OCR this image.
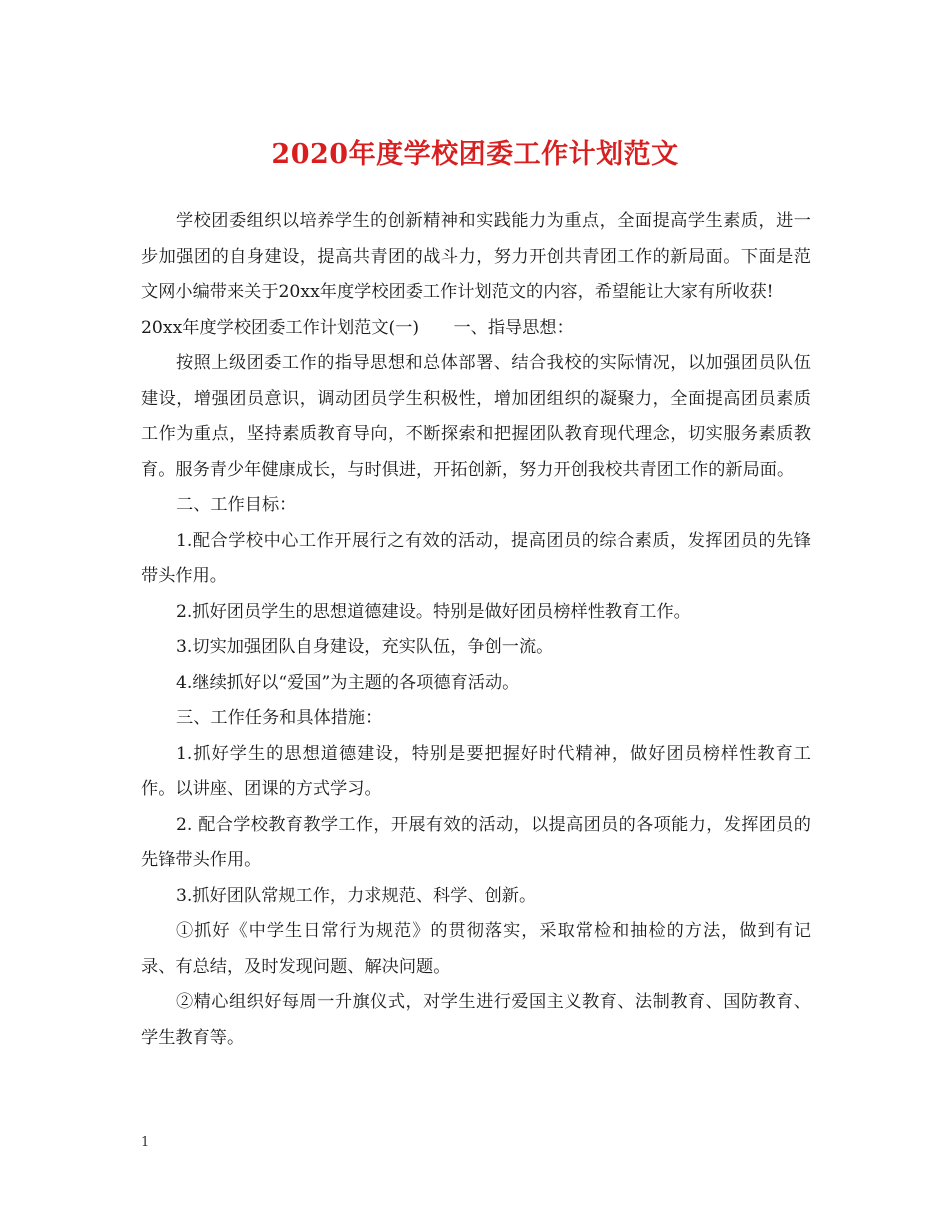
2020年度学校团委工作计划范文

学校团委组织以培养学生的创新精神和实践能力为重点，全面提高学生素质，进一步加强团的自身建设，提高共青团的战斗力，努力开创共青团工作的新局面。下面是范文网小编带来关于20xx年度学校团委工作计划范文的内容，希望能让大家有所收获!

20xx年度学校团委工作计划范文(一)　　一、指导思想：

按照上级团委工作的指导思想和总体部署、结合我校的实际情况，以加强团员队伍建设，增强团员意识，调动团员学生积极性，增加团组织的凝聚力，全面提高团员素质工作为重点，坚持素质教育导向，不断探索和把握团队教育现代理念，切实服务素质教育。服务青少年健康成长，与时俱进，开拓创新，努力开创我校共青团工作的新局面。

二、工作目标：

1.配合学校中心工作开展行之有效的活动，提高团员的综合素质，发挥团员的先锋带头作用。

2.抓好团员学生的思想道德建设。特别是做好团员榜样性教育工作。

3.切实加强团队自身建设，充实队伍，争创一流。

4.继续抓好以“爱国”为主题的各项德育活动。

三、工作任务和具体措施：

1.抓好学生的思想道德建设，特别是要把握好时代精神，做好团员榜样性教育工作。以讲座、团课的方式学习。

2. 配合学校教育教学工作，开展有效的活动，以提高团员的各项能力，发挥团员的先锋带头作用。

3.抓好团队常规工作，力求规范、科学、创新。

①抓好《中学生日常行为规范》的贯彻落实，采取常检和抽检的方法，做到有记录、有总结，及时发现问题、解决问题。

②精心组织好每周一升旗仪式，对学生进行爱国主义教育、法制教育、国防教育、学生教育等。

1
